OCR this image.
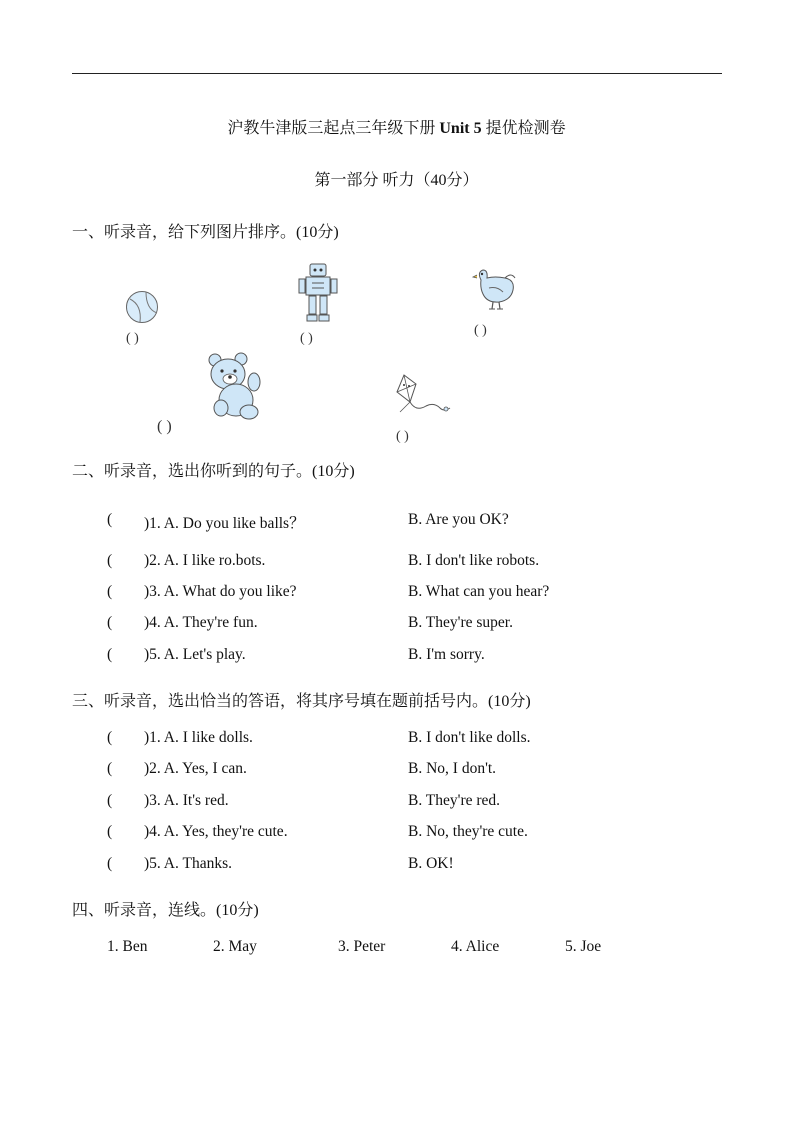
沪教牛津版三起点三年级下册 Unit 5 提优检测卷
第一部分 听力（40分）
一、听录音，给下列图片排序。(10分)
( )	( )
( )
( )
( )
二、听录音，选出你听到的句子。(10分)
( )1. A. Do you like balls？	B. Are you OK?
( )2. A. I like ro.bots.	B. I don't like robots.
( )3. A. What do you like?	B. What can you hear?
( )4. A. They're fun.	B. They're super.
( )5. A. Let's play.	B. I'm sorry.
三、听录音，选出恰当的答语，将其序号填在题前括号内。(10分)
( )1. A. I like dolls.	B. I don't like dolls.
( )2. A. Yes, I can.	B. No, I don't.
( )3. A. It's red.	B. They're red.
( )4. A. Yes, they're cute.	B. No, they're cute.
( )5. A. Thanks.	B. OK!
四、听录音，连线。(10分)
1. Ben	2. May	3. Peter	4. Alice	5. Joe
